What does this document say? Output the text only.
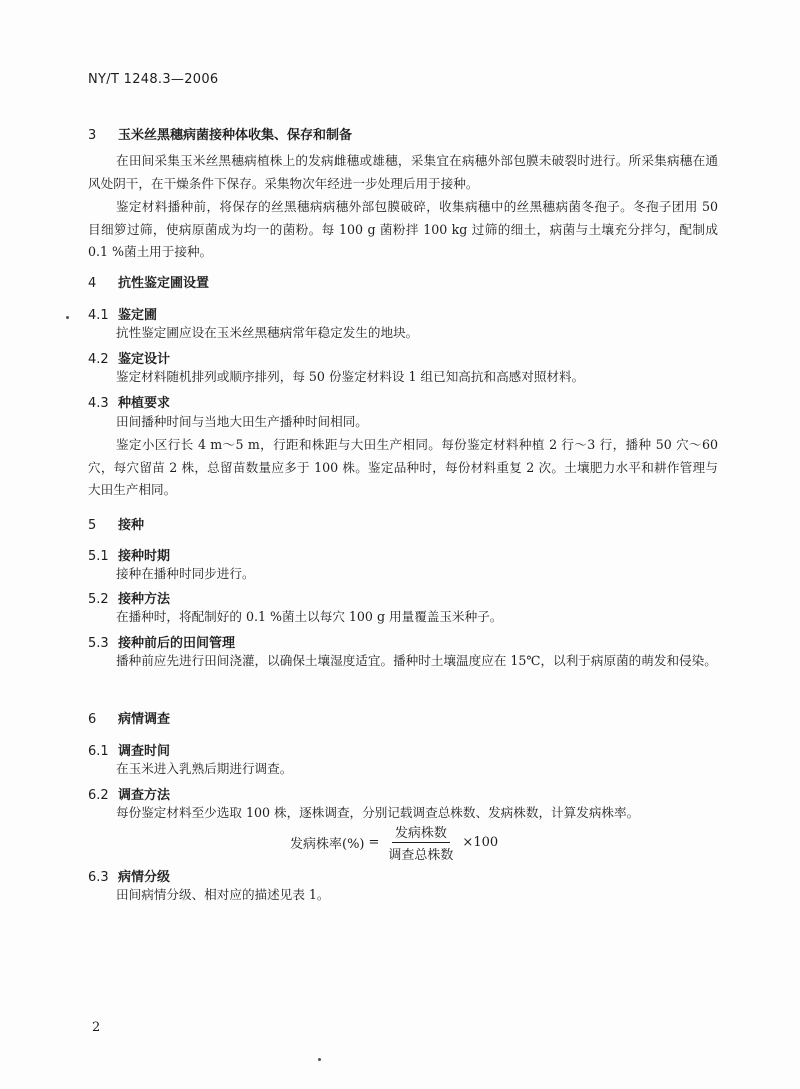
NY/T 1248.3—2006
3 玉米丝黑穗病菌接种体收集、保存和制备
在田间采集玉米丝黑穗病植株上的发病雌穗或雄穗，采集宜在病穗外部包膜未破裂时进行。所采集病穗在通风处阴干，在干燥条件下保存。采集物次年经进一步处理后用于接种。
鉴定材料播种前，将保存的丝黑穗病病穗外部包膜破碎，收集病穗中的丝黑穗病菌冬孢子。冬孢子团用 50 目细箩过筛，使病原菌成为均一的菌粉。每 100 g 菌粉拌 100 kg 过筛的细土，病菌与土壤充分拌匀，配制成 0.1 %菌土用于接种。
4 抗性鉴定圃设置
4.1 鉴定圃
抗性鉴定圃应设在玉米丝黑穗病常年稳定发生的地块。
4.2 鉴定设计
鉴定材料随机排列或顺序排列，每 50 份鉴定材料设 1 组已知高抗和高感对照材料。
4.3 种植要求
田间播种时间与当地大田生产播种时间相同。
鉴定小区行长 4 m～5 m，行距和株距与大田生产相同。每份鉴定材料种植 2 行～3 行，播种 50 穴～60 穴，每穴留苗 2 株，总留苗数量应多于 100 株。鉴定品种时，每份材料重复 2 次。土壤肥力水平和耕作管理与大田生产相同。
5 接种
5.1 接种时期
接种在播种时同步进行。
5.2 接种方法
在播种时，将配制好的 0.1 %菌土以每穴 100 g 用量覆盖玉米种子。
5.3 接种前后的田间管理
播种前应先进行田间浇灌，以确保土壤湿度适宜。播种时土壤温度应在 15℃，以利于病原菌的萌发和侵染。
6 病情调查
6.1 调查时间
在玉米进入乳熟后期进行调查。
6.2 调查方法
每份鉴定材料至少选取 100 株，逐株调查，分别记载调查总株数、发病株数，计算发病株率。
发病株率(%) = $\frac{\text{发病株数}}{\text{调查总株数}} \times 100$
6.3 病情分级
田间病情分级、相对应的描述见表 1。
2
